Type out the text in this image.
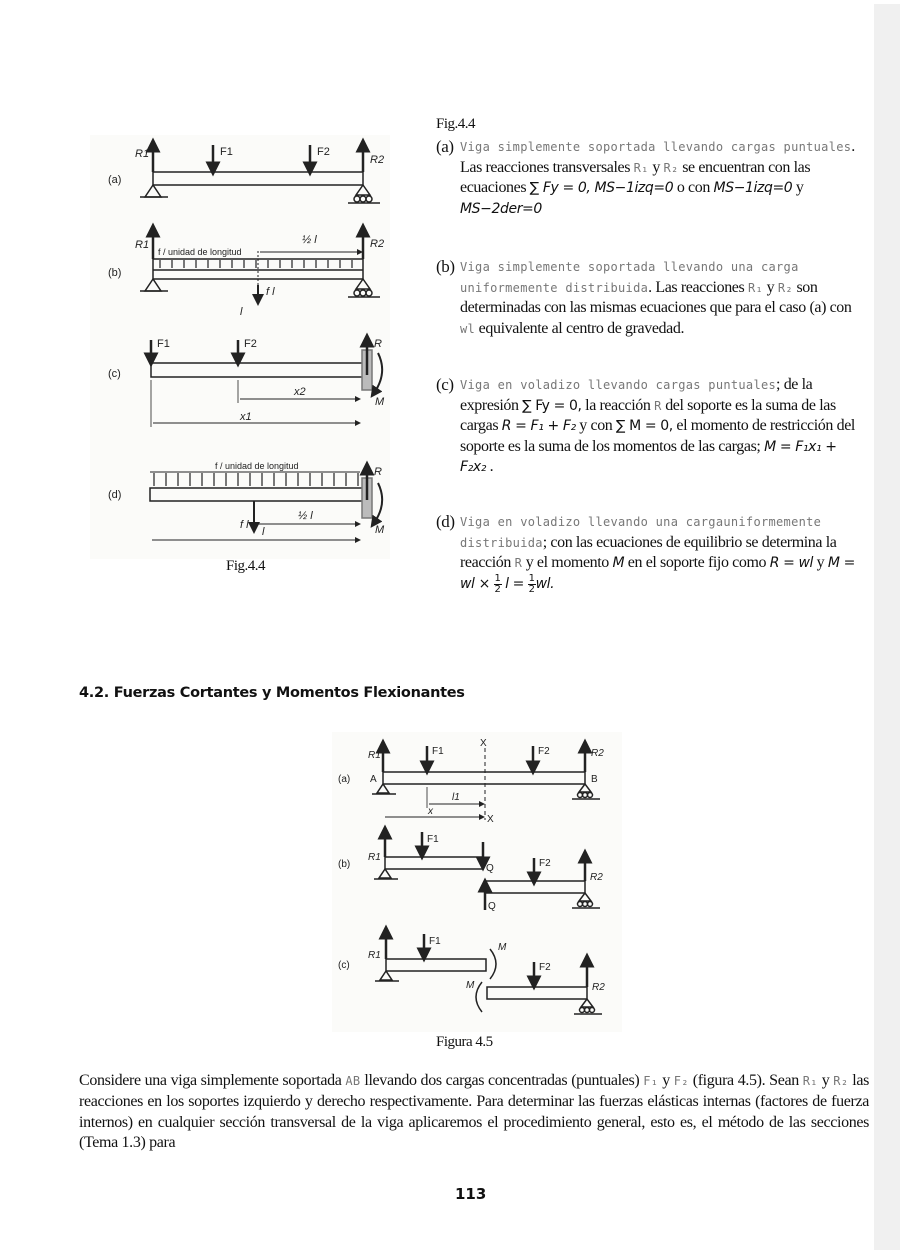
(a)
R1	F1	F2
R2
(b)
R1
f / unidad de longitud
½ l	R2
f l
l
(c)
F1	F2	R
M
x2
x1
(d)
f / unidad de longitud	R
M
½ l
f l
l
Fig.4.4
Fig.4.4
(a) Viga simplemente soportada llevando cargas puntuales. Las reacciones transversales R₁ y R₂ se encuentran con las ecuaciones ∑ Fy = 0, MS−1izq=0 o con MS−1izq=0 y MS−2der=0
(b) Viga simplemente soportada llevando una carga uniformemente distribuida. Las reacciones R₁ y R₂ son determinadas con las mismas ecuaciones que para el caso (a) con wl equivalente al centro de gravedad.
(c) Viga en voladizo llevando cargas puntuales; de la expresión ∑ Fy = 0, la reacción R del soporte es la suma de las cargas R = F₁ + F₂ y con ∑ M = 0, el momento de restricción del soporte es la suma de los momentos de las cargas; M = F₁x₁ + F₂x₂ .
(d) Viga en voladizo llevando una cargauniformemente distribuida; con las ecuaciones de equilibrio se determina la reacción R y el momento M en el soporte fijo como R = wl y M = wl × $\frac{1}{2}$ $l = \frac{1}{2}$ wl.
4.2. Fuerzas Cortantes y Momentos Flexionantes
(a)
R1
A
F1
X
F2	R2
B
l1
x
X
(b)
R1
F1
Q	F2
R2
Q
(c)
R1
F1
M
M
F2
R2
Figura 4.5
Considere una viga simplemente soportada AB llevando dos cargas concentradas (puntuales) F₁ y F₂ (figura 4.5). Sean R₁ y R₂ las reacciones en los soportes izquierdo y derecho respectivamente. Para determinar las fuerzas elásticas internas (factores de fuerza internos) en cualquier sección transversal de la viga aplicaremos el procedimiento general, esto es, el método de las secciones (Tema 1.3) para
113
